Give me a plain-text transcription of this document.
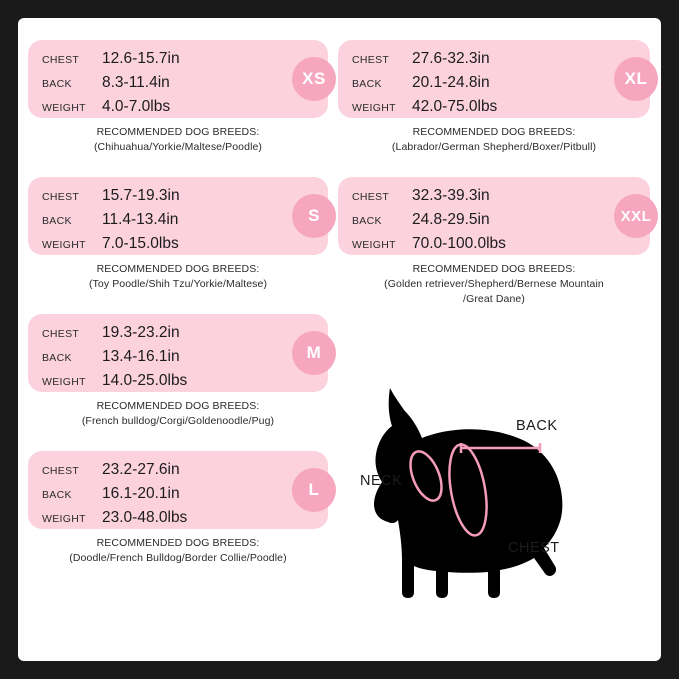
CHEST	12.6-15.7in
BACK	8.3-11.4in
WEIGHT	4.0-7.0lbs
XS
RECOMMENDED DOG BREEDS:
(Chihuahua/Yorkie/Maltese/Poodle)
CHEST	15.7-19.3in
BACK	11.4-13.4in
WEIGHT	7.0-15.0lbs
S
RECOMMENDED DOG BREEDS:
(Toy Poodle/Shih Tzu/Yorkie/Maltese)
CHEST	19.3-23.2in
BACK	13.4-16.1in
WEIGHT	14.0-25.0lbs
M
RECOMMENDED DOG BREEDS:
(French bulldog/Corgi/Goldenoodle/Pug)
CHEST	23.2-27.6in
BACK	16.1-20.1in
WEIGHT	23.0-48.0lbs
L
RECOMMENDED DOG BREEDS:
(Doodle/French Bulldog/Border Collie/Poodle)
CHEST	27.6-32.3in
BACK	20.1-24.8in
WEIGHT	42.0-75.0lbs
XL
RECOMMENDED DOG BREEDS:
(Labrador/German Shepherd/Boxer/Pitbull)
CHEST	32.3-39.3in
BACK	24.8-29.5in
WEIGHT	70.0-100.0lbs
XXL
RECOMMENDED DOG BREEDS:
(Golden retriever/Shepherd/Bernese Mountain
/Great Dane)
BACK
NECK
CHEST
